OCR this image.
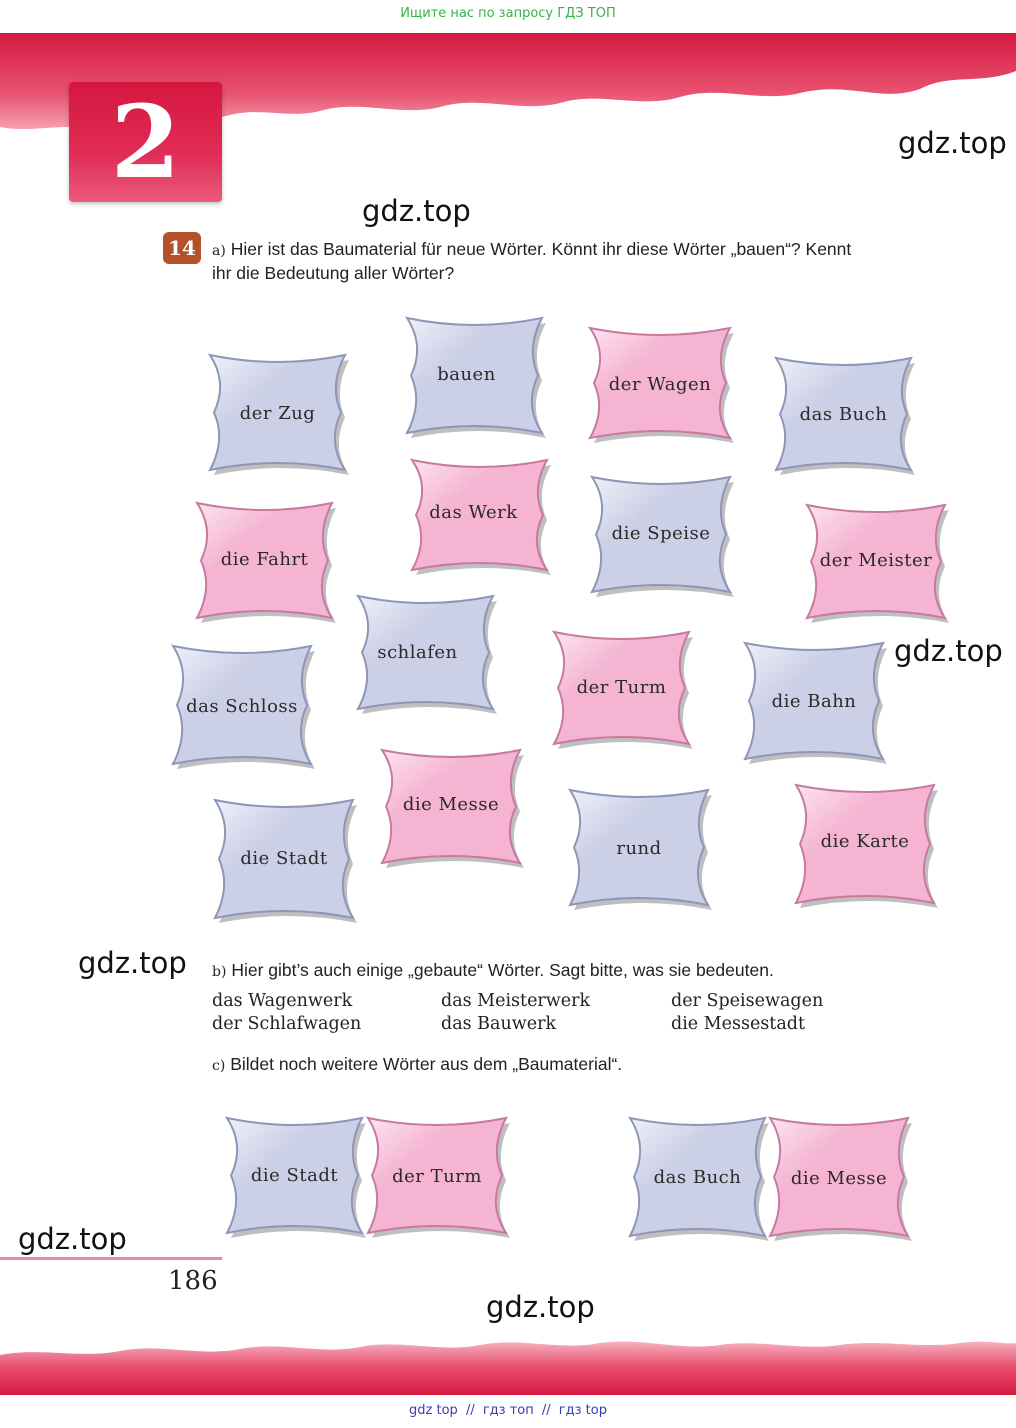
Ищите нас по запросу ГДЗ ТОП
2	gdz.top
gdz.top
gdz.top
gdz.top
gdz.top
gdz.top
14	a) Hier ist das Baumaterial für neue Wörter. Könnt ihr diese Wörter „bauen“? Kennt
ihr die Bedeutung aller Wörter?
der Zug
bauen	der Wagen
das Buch
die Fahrt
das Werk
die Speise
der Meister
das Schloss
schlafen
der Turm
die Bahn
die Messe
die Stadt	rund	die Karte
b) Hier gibt’s auch einige „gebaute“ Wörter. Sagt bitte, was sie bedeuten.
das Wagenwerk	das Meisterwerk	der Speisewagen
der Schlafwagen	das Bauwerk	die Messestadt
c) Bildet noch weitere Wörter aus dem „Baumaterial“.
die Stadt	der Turm	das Buch	die Messe
186
gdz top // гдз топ // гдз top
